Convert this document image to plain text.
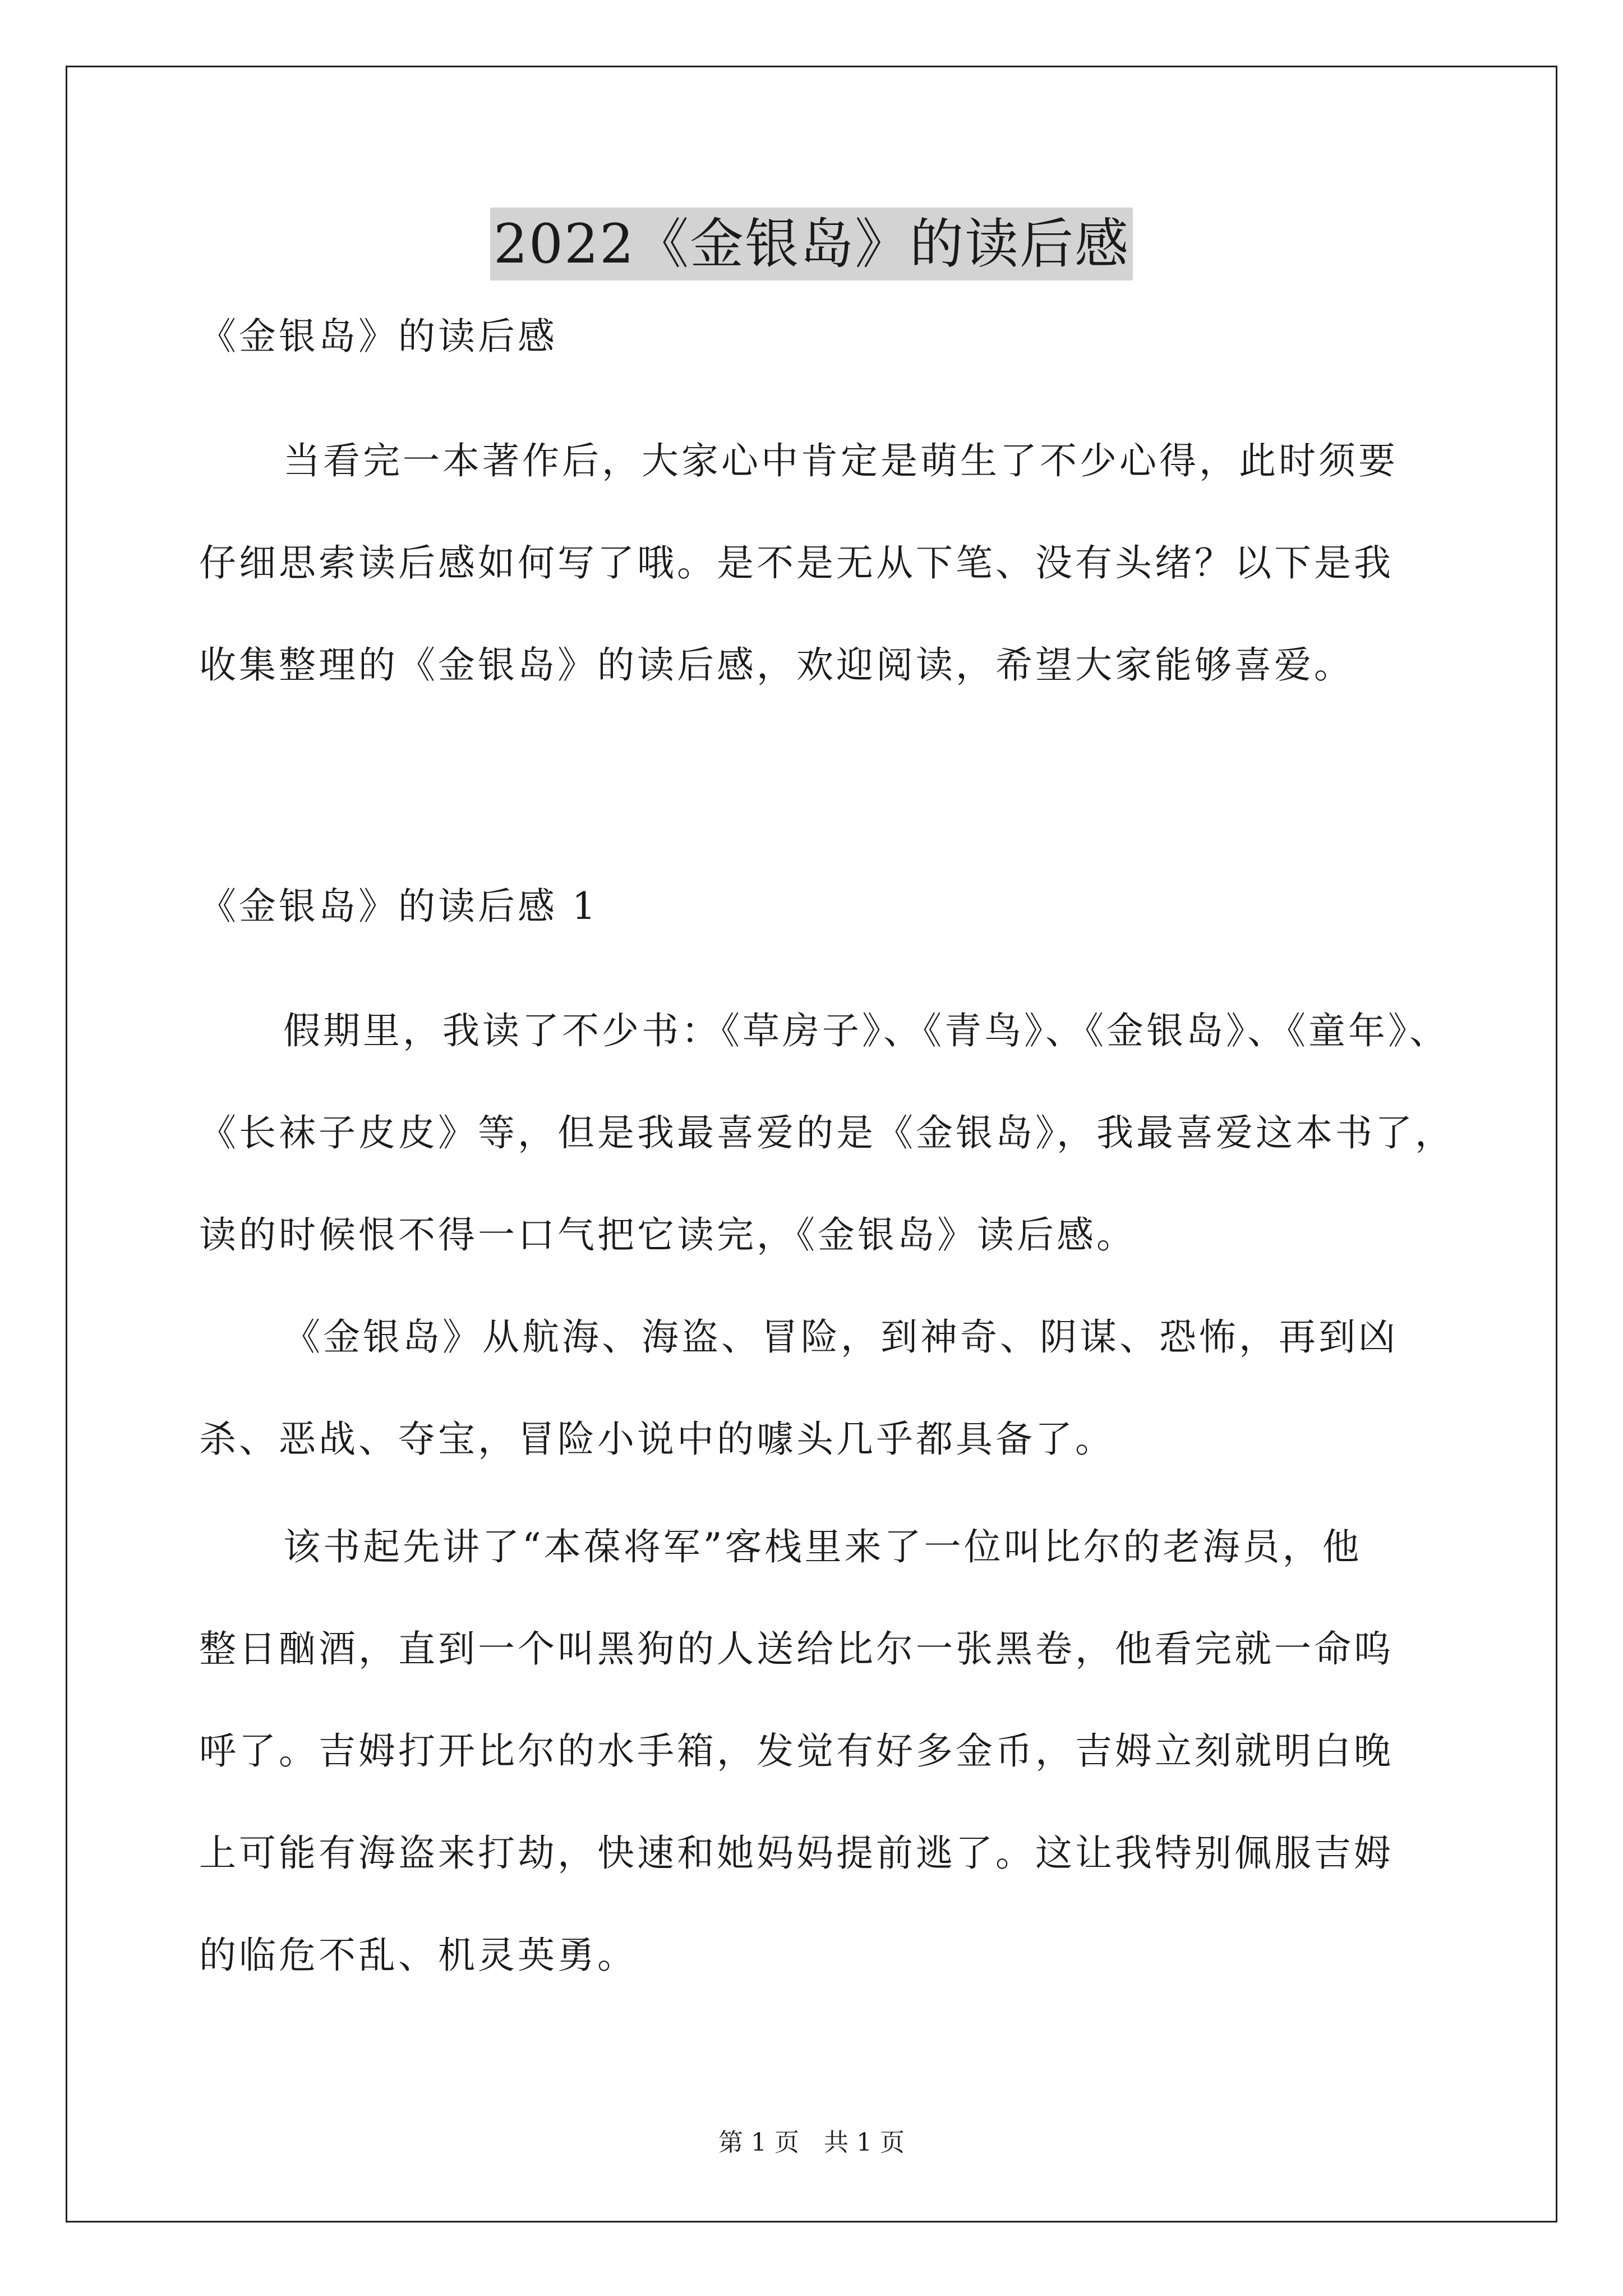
2022《金银岛》的读后感
《金银岛》的读后感
当看完一本著作后，大家心中肯定是萌生了不少心得，此时须要
仔细思索读后感如何写了哦。是不是无从下笔、没有头绪？以下是我
收集整理的《金银岛》的读后感，欢迎阅读，希望大家能够喜爱。
《金银岛》的读后感 1
假期里，我读了不少书：《草房子》、《青鸟》、《金银岛》、《童年》、
《长袜子皮皮》等，但是我最喜爱的是《金银岛》，我最喜爱这本书了，
读的时候恨不得一口气把它读完，《金银岛》读后感。
《金银岛》从航海、海盗、冒险，到神奇、阴谋、恐怖，再到凶
杀、恶战、夺宝，冒险小说中的噱头几乎都具备了。
该书起先讲了“本葆将军”客栈里来了一位叫比尔的老海员，他
整日酗酒，直到一个叫黑狗的人送给比尔一张黑卷，他看完就一命呜
呼了。吉姆打开比尔的水手箱，发觉有好多金币，吉姆立刻就明白晚
上可能有海盗来打劫，快速和她妈妈提前逃了。这让我特别佩服吉姆
的临危不乱、机灵英勇。
第 1 页　共 1 页
